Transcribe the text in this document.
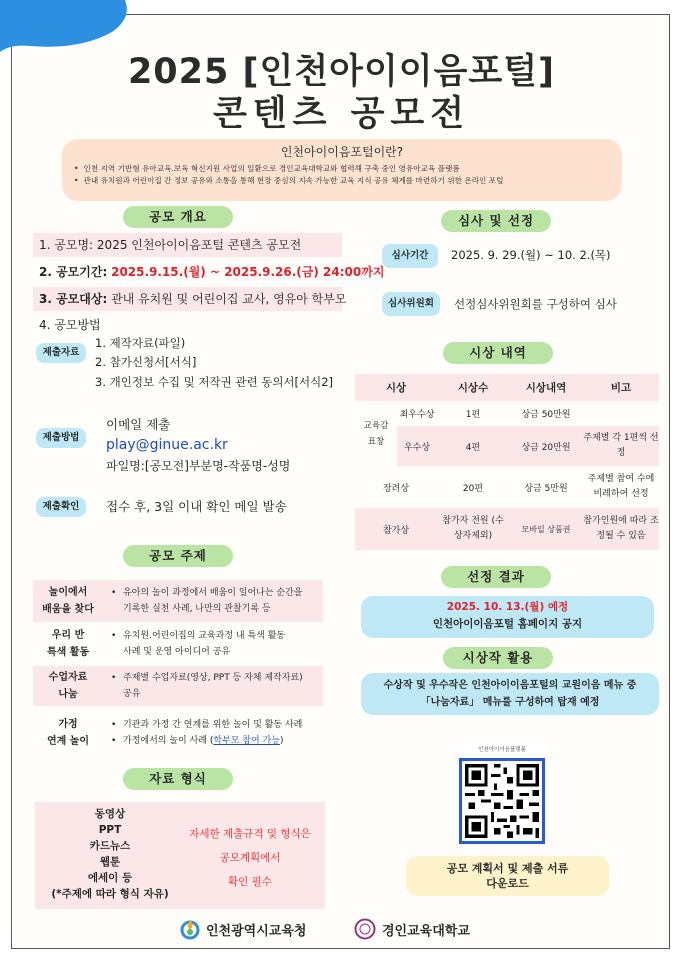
2025 [인천아이이음포털]
콘텐츠 공모전
인천아이이음포털이란?
• 인천 지역 기반형 유아교육.보육 혁신지원 사업의 일환으로 경인교육대학교와 협력해 구축 중인 영유아교육 플랫폼
• 관내 유치원과 어린이집 간 정보 공유와 소통을 통해 현장 중심의 지속 가능한 교육 지식 공유 체계를 마련하기 위한 온라인 포털
공모 개요
1. 공모명: 2025 인천아이이음포털 콘텐츠 공모전
2. 공모기간: 2025.9.15.(월) ~ 2025.9.26.(금) 24:00까지
3. 공모대상: 관내 유치원 및 어린이집 교사, 영유아 학부모
4. 공모방법
제출자료
1. 제작자료(파일)
2. 참가신청서[서식]
3. 개인정보 수집 및 저작권 관련 동의서[서식2]
제출방법
이메일 제출
play@ginue.ac.kr
파일명:[공모전]부분명-작품명-성명
제출확인	접수 후, 3일 이내 확인 메일 발송
공모 주제
놀이에서
배움을 찾다

• 유아의 놀이 과정에서 배움이 일어나는 순간을

기록한 실천 사례, 나만의 관찰기록 등
우리 반
특색 활동

• 유치원.어린이집의 교육과정 내 특색 활동

사례 및 운영 아이디어 공유
수업자료
나눔

• 주제별 수업자료(영상, PPT 등 자체 제작자료)

공유
가정
연계 놀이

• 기관과 가정 간 연계를 위한 놀이 및 활동 사례

• 가정에서의 놀이 사례 (학부모 참여 가능)

자료 형식
동영상
PPT
카드뉴스
웹툰
에세이 등
(*주제에 따라 형식 자유)
자세한 제출규격 및 형식은
공모계획에서
확인 필수
심사 및 선정
심사기간	2025. 9. 29.(월) ~ 10. 2.(목)
심사위원회	선정심사위원회를 구성하여 심사
시상 내역
시상		시상수	시상내역	비고
교육감 표창	최우수상	1편	상금 50만원	
	우수상	4편	상금 20만원	주제별 각 1편씩 선정
장려상		20편	상금 5만원	주제별 참여 수에 비례하여 선정
참가상		참가자 전원 (수상자제외)	모바일 상품권	참가인원에 따라 조정될 수 있음
선정 결과
2025. 10. 13.(월) 예정
인천아이이음포털 홈페이지 공지
시상작 활용
수상작 및 우수작은 인천아이이음포털의 교원이음 메뉴 중
「나눔자료」 메뉴를 구성하여 탑재 예정
인천아이이음플랫폼
공모 계획서 및 제출 서류
다운로드
인천광역시교육청	경인교육대학교
